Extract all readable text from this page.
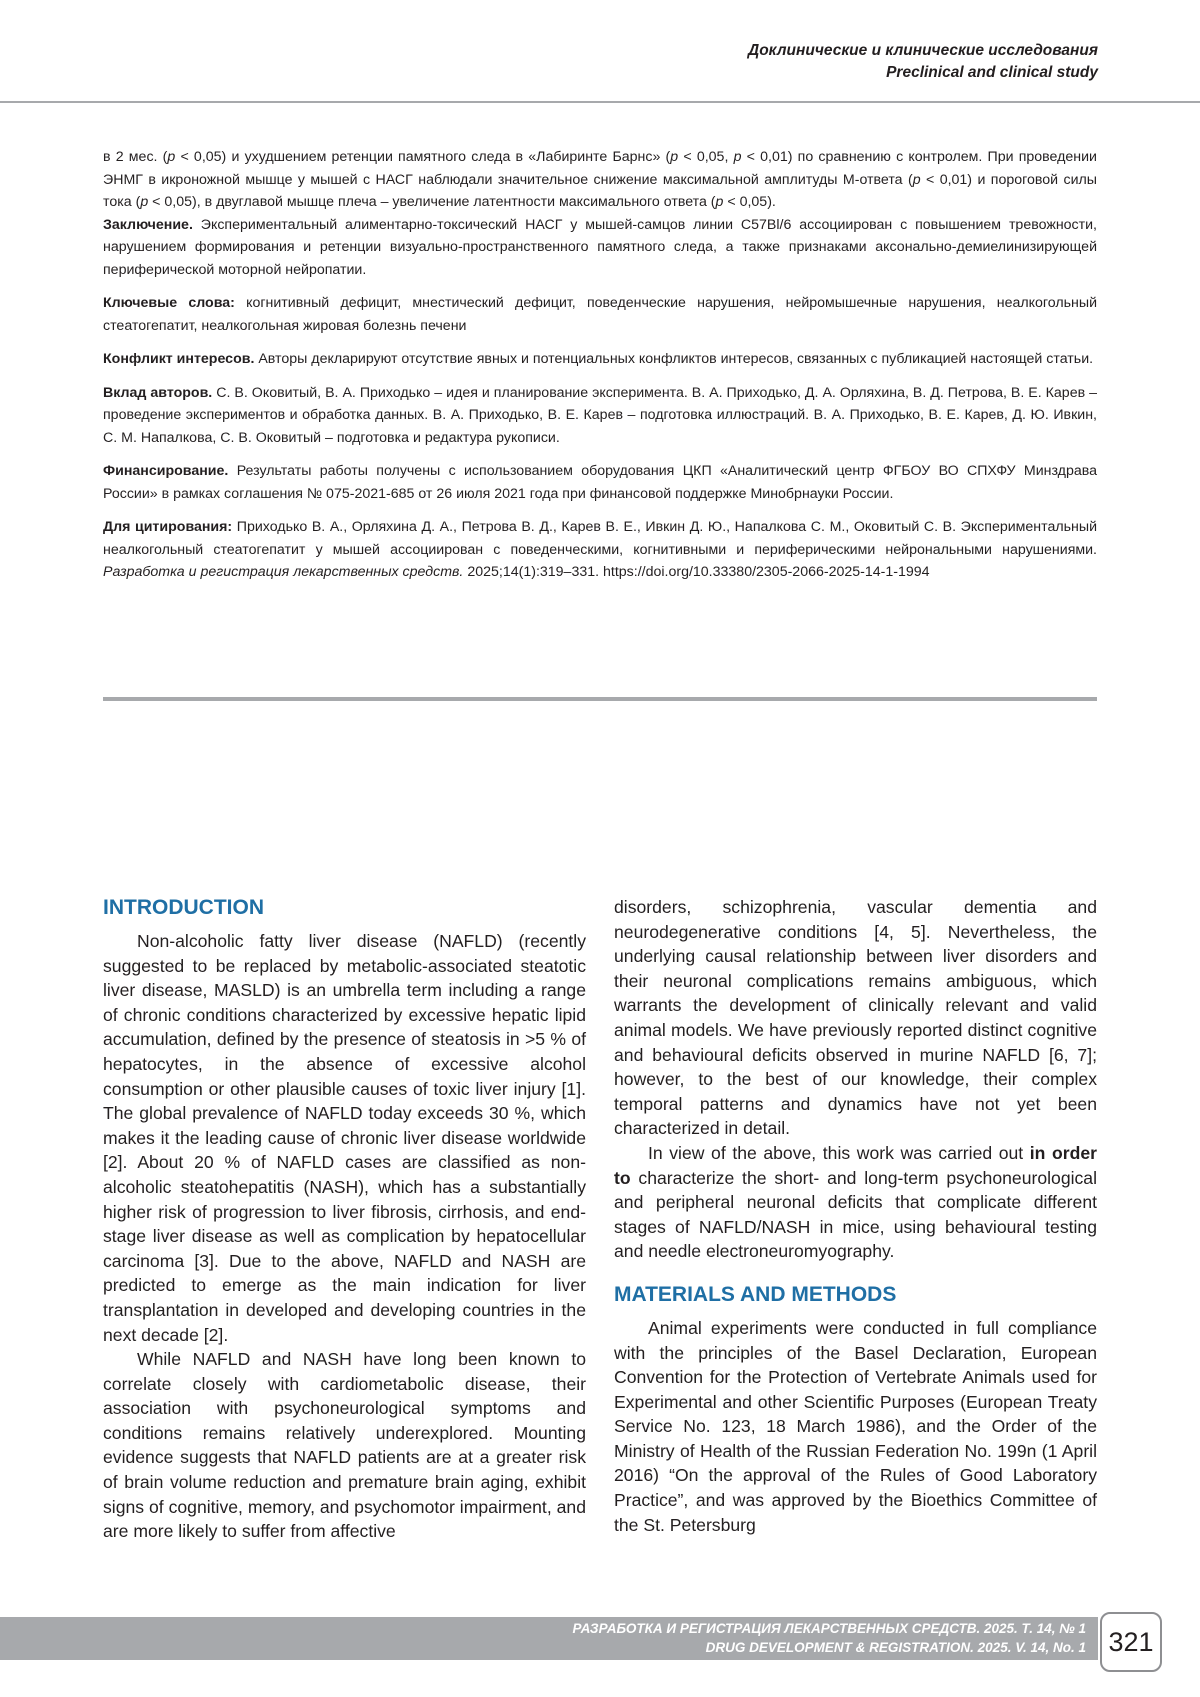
Доклинические и клинические исследования
Preclinical and clinical study

в 2 мес. (p < 0,05) и ухудшением ретенции памятного следа в «Лабиринте Барнс» (p < 0,05, p < 0,01) по сравнению с контролем. При проведении ЭНМГ в икроножной мышце у мышей с НАСГ наблюдали значительное снижение максимальной амплитуды М-ответа (p < 0,01) и пороговой силы тока (p < 0,05), в двуглавой мышце плеча – увеличение латентности максимального ответа (p < 0,05).

Заключение. Экспериментальный алиментарно-токсический НАСГ у мышей-самцов линии C57Bl/6 ассоциирован с повышением тревожности, нарушением формирования и ретенции визуально-пространственного памятного следа, а также признаками аксонально-демиелинизирующей периферической моторной нейропатии.

Ключевые слова: когнитивный дефицит, мнестический дефицит, поведенческие нарушения, нейромышечные нарушения, неалкогольный стеатогепатит, неалкогольная жировая болезнь печени

Конфликт интересов. Авторы декларируют отсутствие явных и потенциальных конфликтов интересов, связанных с публикацией настоящей статьи.

Вклад авторов. С. В. Оковитый, В. А. Приходько – идея и планирование эксперимента. В. А. Приходько, Д. А. Орляхина, В. Д. Петрова, В. Е. Карев – проведение экспериментов и обработка данных. В. А. Приходько, В. Е. Карев – подготовка иллюстраций. В. А. Приходько, В. Е. Карев, Д. Ю. Ивкин, С. М. Напалкова, С. В. Оковитый – подготовка и редактура рукописи.

Финансирование. Результаты работы получены с использованием оборудования ЦКП «Аналитический центр ФГБОУ ВО СПХФУ Минздрава России» в рамках соглашения № 075-2021-685 от 26 июля 2021 года при финансовой поддержке Минобрнауки России.

Для цитирования: Приходько В. А., Орляхина Д. А., Петрова В. Д., Карев В. Е., Ивкин Д. Ю., Напалкова С. М., Оковитый С. В. Экспериментальный неалкогольный стеатогепатит у мышей ассоциирован с поведенческими, когнитивными и периферическими нейрональными нарушениями. Разработка и регистрация лекарственных средств. 2025;14(1):319–331. https://doi.org/10.33380/2305-2066-2025-14-1-1994

INTRODUCTION

Non-alcoholic fatty liver disease (NAFLD) (recently suggested to be replaced by metabolic-associated steatotic liver disease, MASLD) is an umbrella term including a range of chronic conditions characterized by excessive hepatic lipid accumulation, defined by the presence of steatosis in >5 % of hepatocytes, in the absence of excessive alcohol consumption or other plausible causes of toxic liver injury [1]. The global prevalence of NAFLD today exceeds 30 %, which makes it the leading cause of chronic liver disease worldwide [2]. About 20 % of NAFLD cases are classified as non-alcoholic steatohepatitis (NASH), which has a substantially higher risk of progression to liver fibrosis, cirrhosis, and end-stage liver disease as well as complication by hepatocellular carcinoma [3]. Due to the above, NAFLD and NASH are predicted to emerge as the main indication for liver transplantation in developed and developing countries in the next decade [2].

While NAFLD and NASH have long been known to correlate closely with cardiometabolic disease, their association with psychoneurological symptoms and conditions remains relatively underexplored. Mounting evidence suggests that NAFLD patients are at a greater risk of brain volume reduction and premature brain aging, exhibit signs of cognitive, memory, and psychomotor impairment, and are more likely to suffer from affective

disorders, schizophrenia, vascular dementia and neurodegenerative conditions [4, 5]. Nevertheless, the underlying causal relationship between liver disorders and their neuronal complications remains ambiguous, which warrants the development of clinically relevant and valid animal models. We have previously reported distinct cognitive and behavioural deficits observed in murine NAFLD [6, 7]; however, to the best of our knowledge, their complex temporal patterns and dynamics have not yet been characterized in detail.

In view of the above, this work was carried out in order to characterize the short- and long-term psychoneurological and peripheral neuronal deficits that complicate different stages of NAFLD/NASH in mice, using behavioural testing and needle electroneuromyography.

MATERIALS AND METHODS

Animal experiments were conducted in full compliance with the principles of the Basel Declaration, European Convention for the Protection of Vertebrate Animals used for Experimental and other Scientific Purposes (European Treaty Service No. 123, 18 March 1986), and the Order of the Ministry of Health of the Russian Federation No. 199n (1 April 2016) “On the approval of the Rules of Good Laboratory Practice”, and was approved by the Bioethics Committee of the St. Petersburg

РАЗРАБОТКА И РЕГИСТРАЦИЯ ЛЕКАРСТВЕННЫХ СРЕДСТВ. 2025. Т. 14, № 1
DRUG DEVELOPMENT & REGISTRATION. 2025. V. 14, No. 1 321
